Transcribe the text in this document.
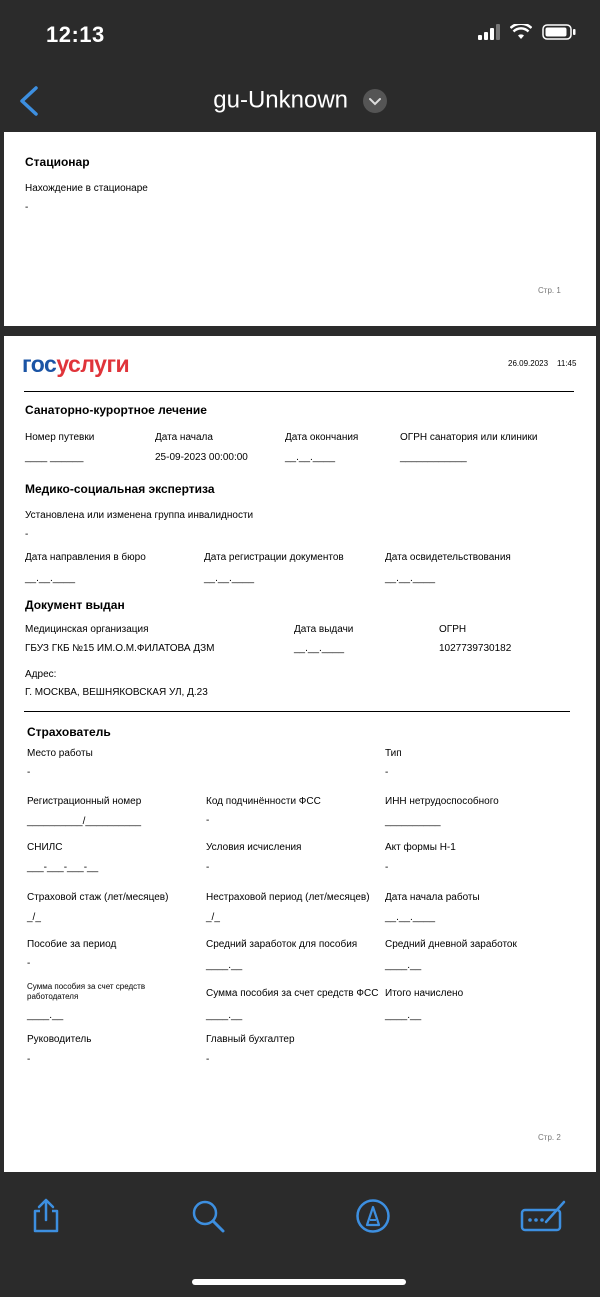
12:13
gu-Unknown
Стационар
Нахождение в стационаре
-
Стр. 1
госуслуги	26.09.2023 11:45
Санаторно-курортное лечение
Номер путевки
____ ______
Дата начала
25-09-2023 00:00:00
Дата окончания
__.__.____
ОГРН санатория или клиники
____________
Медико-социальная экспертиза
Установлена или изменена группа инвалидности
-
Дата направления в бюро
__.__.____
Дата регистрации документов
__.__.____
Дата освидетельствования
__.__.____
Документ выдан
Медицинская организация
ГБУЗ ГКБ №15 ИМ.О.М.ФИЛАТОВА ДЗМ
Дата выдачи
__.__.____
ОГРН
1027739730182
Адрес:
Г. МОСКВА, ВЕШНЯКОВСКАЯ УЛ, Д.23
Страхователь
Место работы
-
Тип
-
Регистрационный номер
__________/__________
Код подчинённости ФСС
-
ИНН нетрудоспособного
__________
СНИЛС
___-___-___-__
Условия исчисления
-
Акт формы Н-1
-
Страховой стаж (лет/месяцев)
_/_
Нестраховой период (лет/месяцев)
_/_
Дата начала работы
__.__.____
Пособие за период
-
Средний заработок для пособия
____.__
Средний дневной заработок
____.__
Сумма пособия за счет средств работодателя
____.__
Сумма пособия за счет средств ФСС
____.__
Итого начислено
____.__
Руководитель
-
Главный бухгалтер
-
Стр. 2
